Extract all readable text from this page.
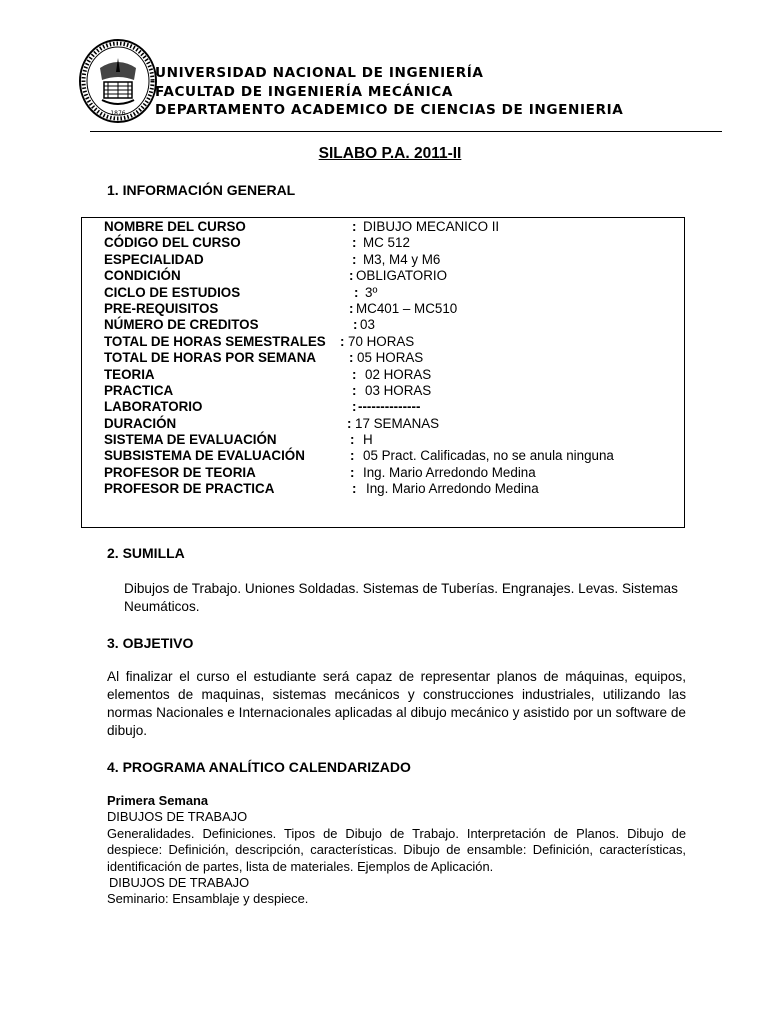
1876
UNIVERSIDAD NACIONAL DE INGENIERÍA
FACULTAD DE INGENIERÍA MECÁNICA
DEPARTAMENTO ACADEMICO DE CIENCIAS DE INGENIERIA
SILABO P.A. 2011-II
1. INFORMACIÓN GENERAL
NOMBRE DEL CURSO	: DIBUJO MECANICO II
CÓDIGO DEL CURSO	: MC 512
ESPECIALIDAD	: M3, M4 y M6
CONDICIÓN	: OBLIGATORIO
CICLO DE ESTUDIOS	: 3º
PRE-REQUISITOS	: MC401 – MC510
NÚMERO DE CREDITOS	: 03
TOTAL DE HORAS SEMESTRALES : 70 HORAS
TOTAL DE HORAS POR SEMANA : 05 HORAS
TEORIA	: 02 HORAS
PRACTICA	: 03 HORAS
LABORATORIO	: --------------
DURACIÓN	: 17 SEMANAS
SISTEMA DE EVALUACIÓN	: H
SUBSISTEMA DE EVALUACIÓN	: 05 Pract. Calificadas, no se anula ninguna
PROFESOR DE TEORIA	: Ing. Mario Arredondo Medina
PROFESOR DE PRACTICA	: Ing. Mario Arredondo Medina
2. SUMILLA
Dibujos de Trabajo. Uniones Soldadas. Sistemas de Tuberías. Engranajes. Levas. Sistemas Neumáticos.
3. OBJETIVO
Al finalizar el curso el estudiante será capaz de representar planos de máquinas, equipos, elementos de maquinas, sistemas mecánicos y construcciones industriales, utilizando las normas Nacionales e Internacionales aplicadas al dibujo mecánico y asistido por un software de dibujo.
4. PROGRAMA ANALÍTICO CALENDARIZADO
Primera Semana
DIBUJOS DE TRABAJO
Generalidades. Definiciones. Tipos de Dibujo de Trabajo. Interpretación de Planos. Dibujo de despiece: Definición, descripción, características. Dibujo de ensamble: Definición, características, identificación de partes, lista de materiales. Ejemplos de Aplicación.
DIBUJOS DE TRABAJO
Seminario: Ensamblaje y despiece.
